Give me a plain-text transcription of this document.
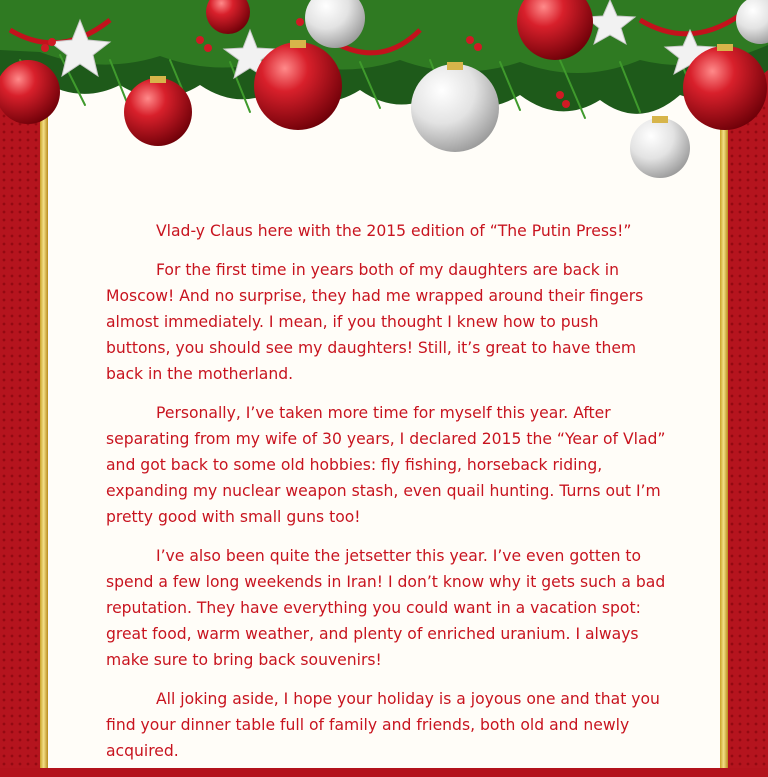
Vlad-y Claus here with the 2015 edition of “The Putin Press!”

For the first time in years both of my daughters are back in Moscow! And no surprise, they had me wrapped around their fingers almost immediately. I mean, if you thought I knew how to push buttons, you should see my daughters! Still, it’s great to have them back in the motherland.

Personally, I’ve taken more time for myself this year. After separating from my wife of 30 years, I declared 2015 the “Year of Vlad” and got back to some old hobbies: fly fishing, horseback riding, expanding my nuclear weapon stash, even quail hunting. Turns out I’m pretty good with small guns too!

I’ve also been quite the jetsetter this year. I’ve even gotten to spend a few long weekends in Iran! I don’t know why it gets such a bad reputation. They have everything you could want in a vacation spot: great food, warm weather, and plenty of enriched uranium. I always make sure to bring back souvenirs!

All joking aside, I hope your holiday is a joyous one and that you find your dinner table full of family and friends, both old and newly acquired.
